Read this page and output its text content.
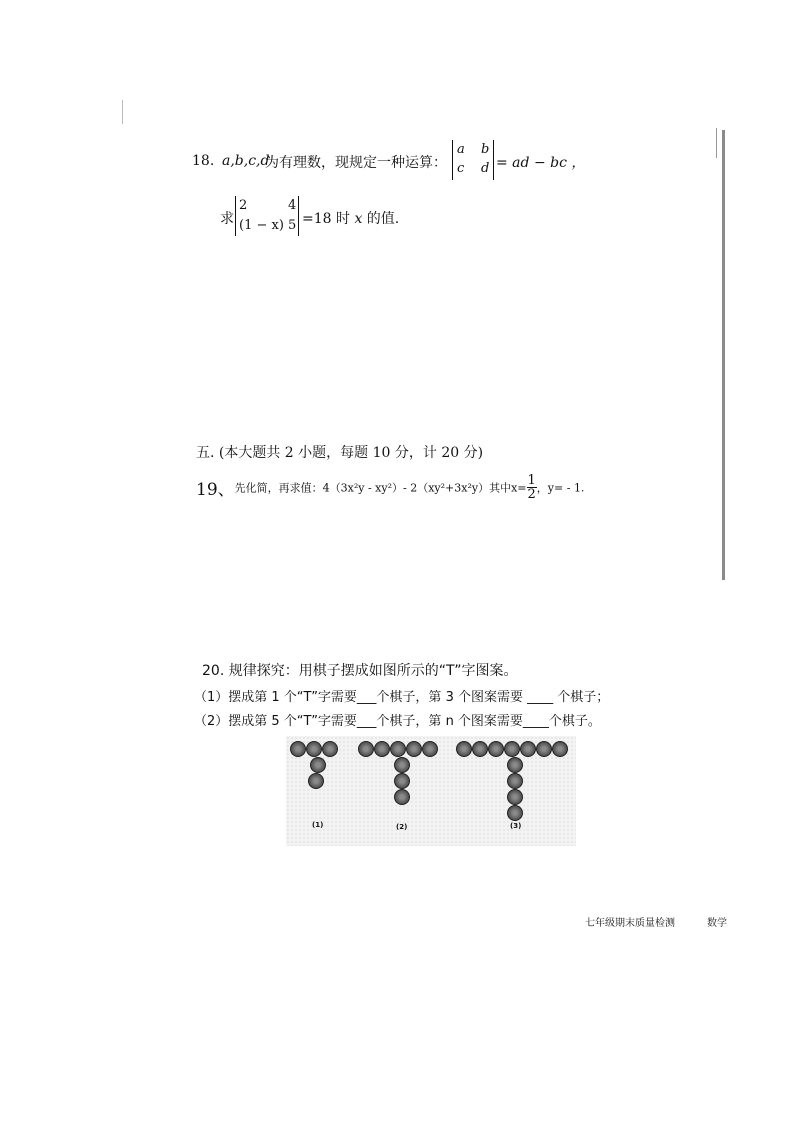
18. a,b,c,d
为有理数，现规定一种运算：
a b
c d = ad − bc ，
求
2	4
(1 − x) 5 =18 时 x 的值.
五. (本大题共 2 小题，每题 10 分，计 20 分)
19、先化简，再求值：4（3x²y - xy²）- 2（xy²+3x²y）其中$x= \frac{1}{2}$ ，y= - 1.
20. 规律探究：用棋子摆成如图所示的“T”字图案。
（1）摆成第 1 个“T”字需要___个棋子，第 3 个图案需要 ____ 个棋子；
（2）摆成第 5 个“T”字需要___个棋子，第 n 个图案需要____个棋子。
(1)	(2)	(3)
七年级期末质量检测	数学
